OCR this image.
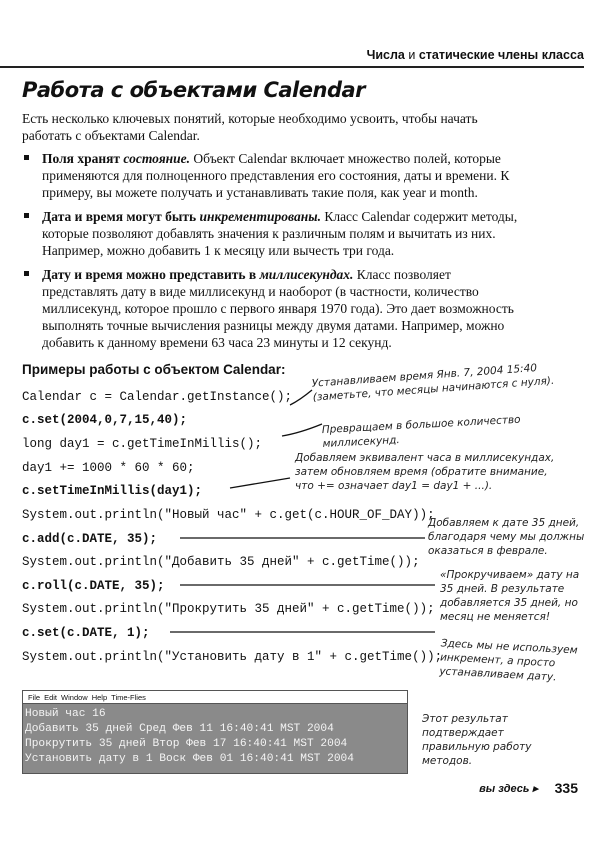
Числа и статические члены класса
Работа с объектами Calendar
Есть несколько ключевых понятий, которые необходимо усвоить, чтобы начать работать с объектами Calendar.
Поля хранят состояние. Объект Calendar включает множество полей, которые применяются для полноценного представления его состояния, даты и времени. К примеру, вы можете получать и устанавливать такие поля, как year и month.
Дата и время могут быть инкрементированы. Класс Calendar содержит методы, которые позволяют добавлять значения к различным полям и вычитать из них. Например, можно добавить 1 к месяцу или вычесть три года.
Дату и время можно представить в миллисекундах. Класс позволяет представлять дату в виде миллисекунд и наоборот (в частности, количество миллисекунд, которое прошло с первого января 1970 года). Это дает возможность выполнять точные вычисления разницы между двумя датами. Например, можно добавить к данному времени 63 часа 23 минуты и 12 секунд.
Примеры работы с объектом Calendar:
Calendar c = Calendar.getInstance();
c.set(2004,0,7,15,40);
long day1 = c.getTimeInMillis();
day1 += 1000 * 60 * 60;
c.setTimeInMillis(day1);
System.out.println("Новый час" + c.get(c.HOUR_OF_DAY));
c.add(c.DATE, 35);
System.out.println("Добавить 35 дней" + c.getTime());
c.roll(c.DATE, 35);
System.out.println("Прокрутить 35 дней" + c.getTime());
c.set(c.DATE, 1);
System.out.println("Установить дату в 1" + c.getTime());
Устанавливаем время Янв. 7, 2004 15:40 (заметьте, что месяцы начинаются с нуля).
Превращаем в большое количество миллисекунд.
Добавляем эквивалент часа в миллисекундах, затем обновляем время (обратите внимание, что += означает day1 = day1 + ...).
Добавляем к дате 35 дней, благодаря чему мы должны оказаться в феврале.
«Прокручиваем» дату на 35 дней. В результате добавляется 35 дней, но месяц не меняется!
Здесь мы не используем инкремент, а просто устанавливаем дату.
Этот результат подтверждает правильную работу методов.
File Edit Window Help Time-Flies
Новый час 16
Добавить 35 дней Сред Фев 11 16:40:41 MST 2004
Прокрутить 35 дней Втор Фев 17 16:40:41 MST 2004
Установить дату в 1 Воск Фев 01 16:40:41 MST 2004
вы здесь ▸ 335
